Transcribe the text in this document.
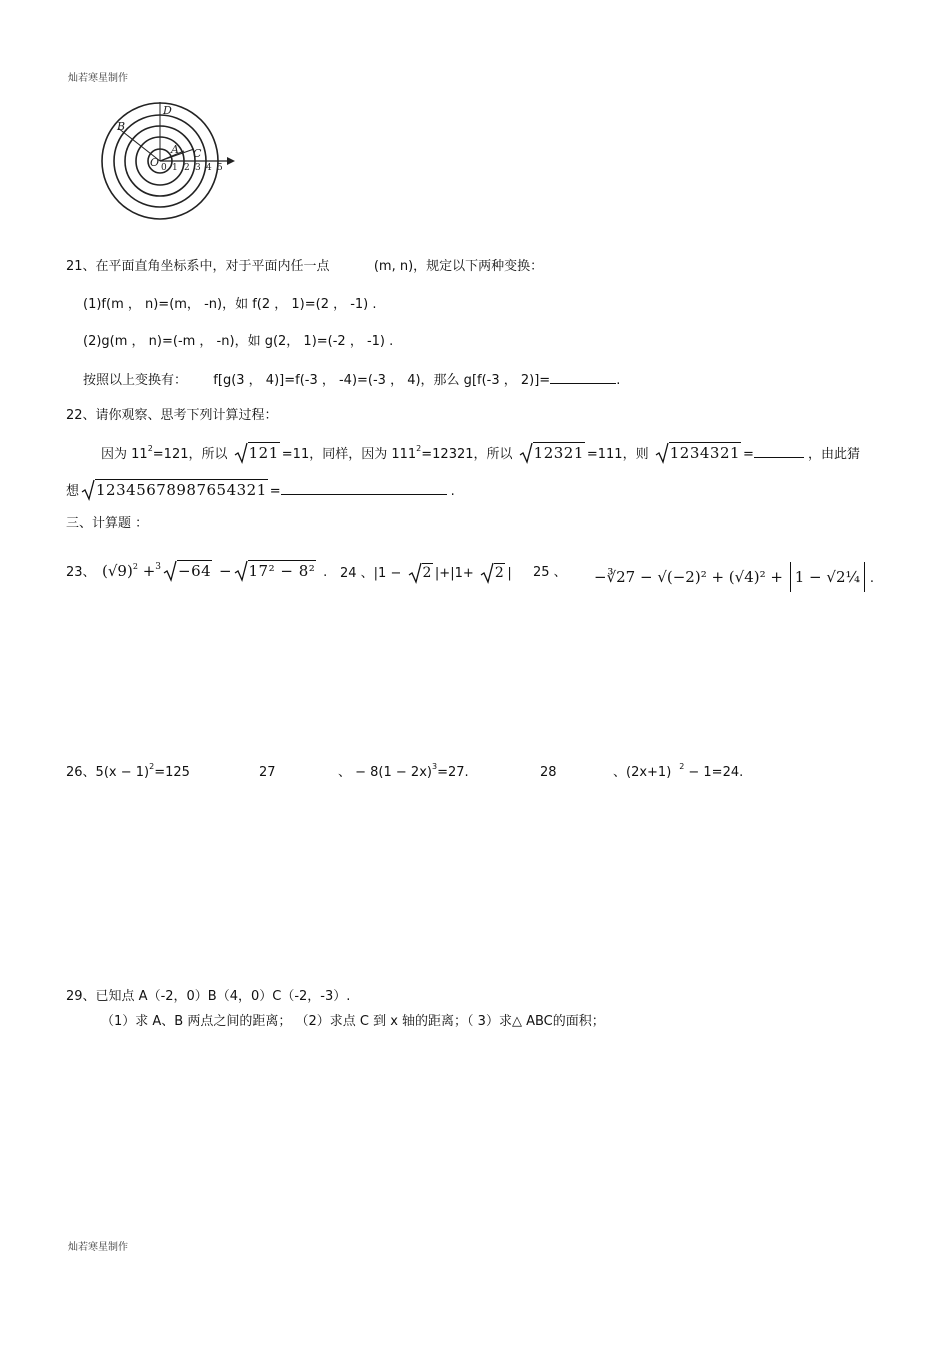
灿若寒星制作
B
D
A C
O 0 1 2 3 4 5
21、在平面直角坐标系中，对于平面内任一点	(m, n)，规定以下两种变换：
(1)f(m ， n)=(m， -n)，如 f(2 ， 1)=(2 ， -1) .
(2)g(m ， n)=(-m ， -n)，如 g(2， 1)=(-2 ， -1) .
按照以上变换有： f[g(3 ， 4)]=f(-3 ， -4)=(-3 ， 4)，那么 g[f(-3 ， 2)]=	.
22、请你观察、思考下列计算过程：
因为 $11^2=121$，所以 121 =11，同样，因为 $111^2=12321$，所以 12321 =111，则 1234321 =	，由此猜
想 12345678987654321 =	.
三、计算题 ：
23、 $(√9)^2 +^3 -64 - 17^2 - 8^2$ . 24 、|1 − 2 |+|1+ 2 | 25 、 −∛27 − √(−2)² + (√4)² + 1 − √2¼ .
26、$5(x - 1)^2=125$	27	、 − $8(1 - 2x)^3=27$.	28	、(2x+1) $^2$ − 1=24.
29、已知点 A（-2，0）B（4，0）C（-2，-3）.
（1）求 A、B 两点之间的距离； （2）求点 C 到 x 轴的距离；（ 3）求△ ABC的面积；
灿若寒星制作
